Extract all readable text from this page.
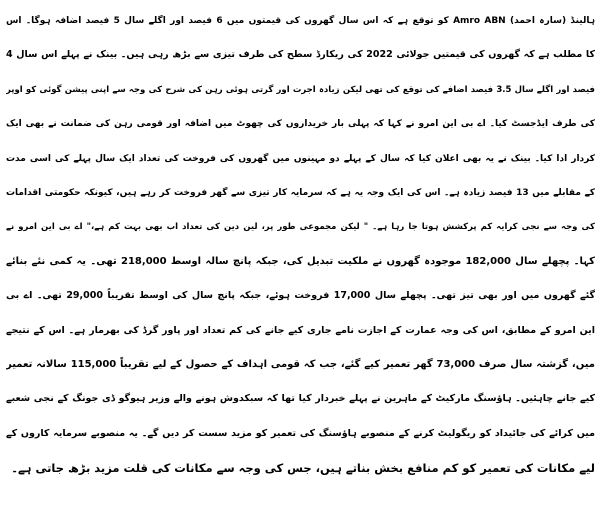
ہالینڈ (سارہ احمد) Amro ABN کو توقع ہے کہ اس سال گھروں کی قیمتوں میں 6 فیصد اور اگلے سال 5 فیصد اضافہ ہوگا۔ اس
کا مطلب ہے کہ گھروں کی قیمتیں جولائی 2022 کی ریکارڈ سطح کی طرف تیزی سے بڑھ رہی ہیں۔ بینک نے پہلے اس سال 4
فیصد اور اگلے سال 3.5 فیصد اضافے کی توقع کی تھی لیکن زیادہ اجرت اور گرتی ہوئی رہن کی شرح کی وجہ سے اپنی پیشن گوئی کو اوپر
کی طرف ایڈجسٹ کیا۔ اے بی این امرو نے کہا کہ پہلی بار خریداروں کی چھوٹ میں اضافہ اور قومی رہن کی ضمانت نے بھی ایک
کردار ادا کیا۔ بینک نے یہ بھی اعلان کیا کہ سال کے پہلے دو مہینوں میں گھروں کی فروخت کی تعداد ایک سال پہلے کی اسی مدت
کے مقابلے میں 13 فیصد زیادہ ہے۔ اس کی ایک وجہ یہ ہے کہ سرمایہ کار تیزی سے گھر فروخت کر رہے ہیں، کیونکہ حکومتی اقدامات
کی وجہ سے نجی کرایہ کم پرکشش ہوتا جا رہا ہے۔ " لیکن مجموعی طور پر، لین دین کی تعداد اب بھی بہت کم ہے،" اے بی این امرو نے
کہا۔ پچھلے سال 182,000 موجودہ گھروں نے ملکیت تبدیل کی، جبکہ پانچ سالہ اوسط 218,000 تھی۔ یہ کمی نئے بنائے
گئے گھروں میں اور بھی تیز تھی۔ پچھلے سال 17,000 فروخت ہوئے، جبکہ پانچ سال کی اوسط تقریباً 29,000 تھی۔ اے بی
این امرو کے مطابق، اس کی وجہ عمارت کے اجازت نامے جاری کیے جانے کی کم تعداد اور پاور گرڈ کی بھرمار ہے۔ اس کے نتیجے
میں، گزشتہ سال صرف 73,000 گھر تعمیر کیے گئے، جب کہ قومی اہداف کے حصول کے لیے تقریباً 115,000 سالانہ تعمیر
کیے جانے چاہئیں۔ ہاؤسنگ مارکیٹ کے ماہرین نے پہلے خبردار کیا تھا کہ سبکدوش ہونے والے وزیر ہیوگو ڈی جونگ کے نجی شعبے
میں کرائے کی جائیداد کو ریگولیٹ کرنے کے منصوبے ہاؤسنگ کی تعمیر کو مزید سست کر دیں گے۔ یہ منصوبے سرمایہ کاروں کے
لیے مکانات کی تعمیر کو کم منافع بخش بناتے ہیں، جس کی وجہ سے مکانات کی قلت مزید بڑھ جاتی ہے۔
